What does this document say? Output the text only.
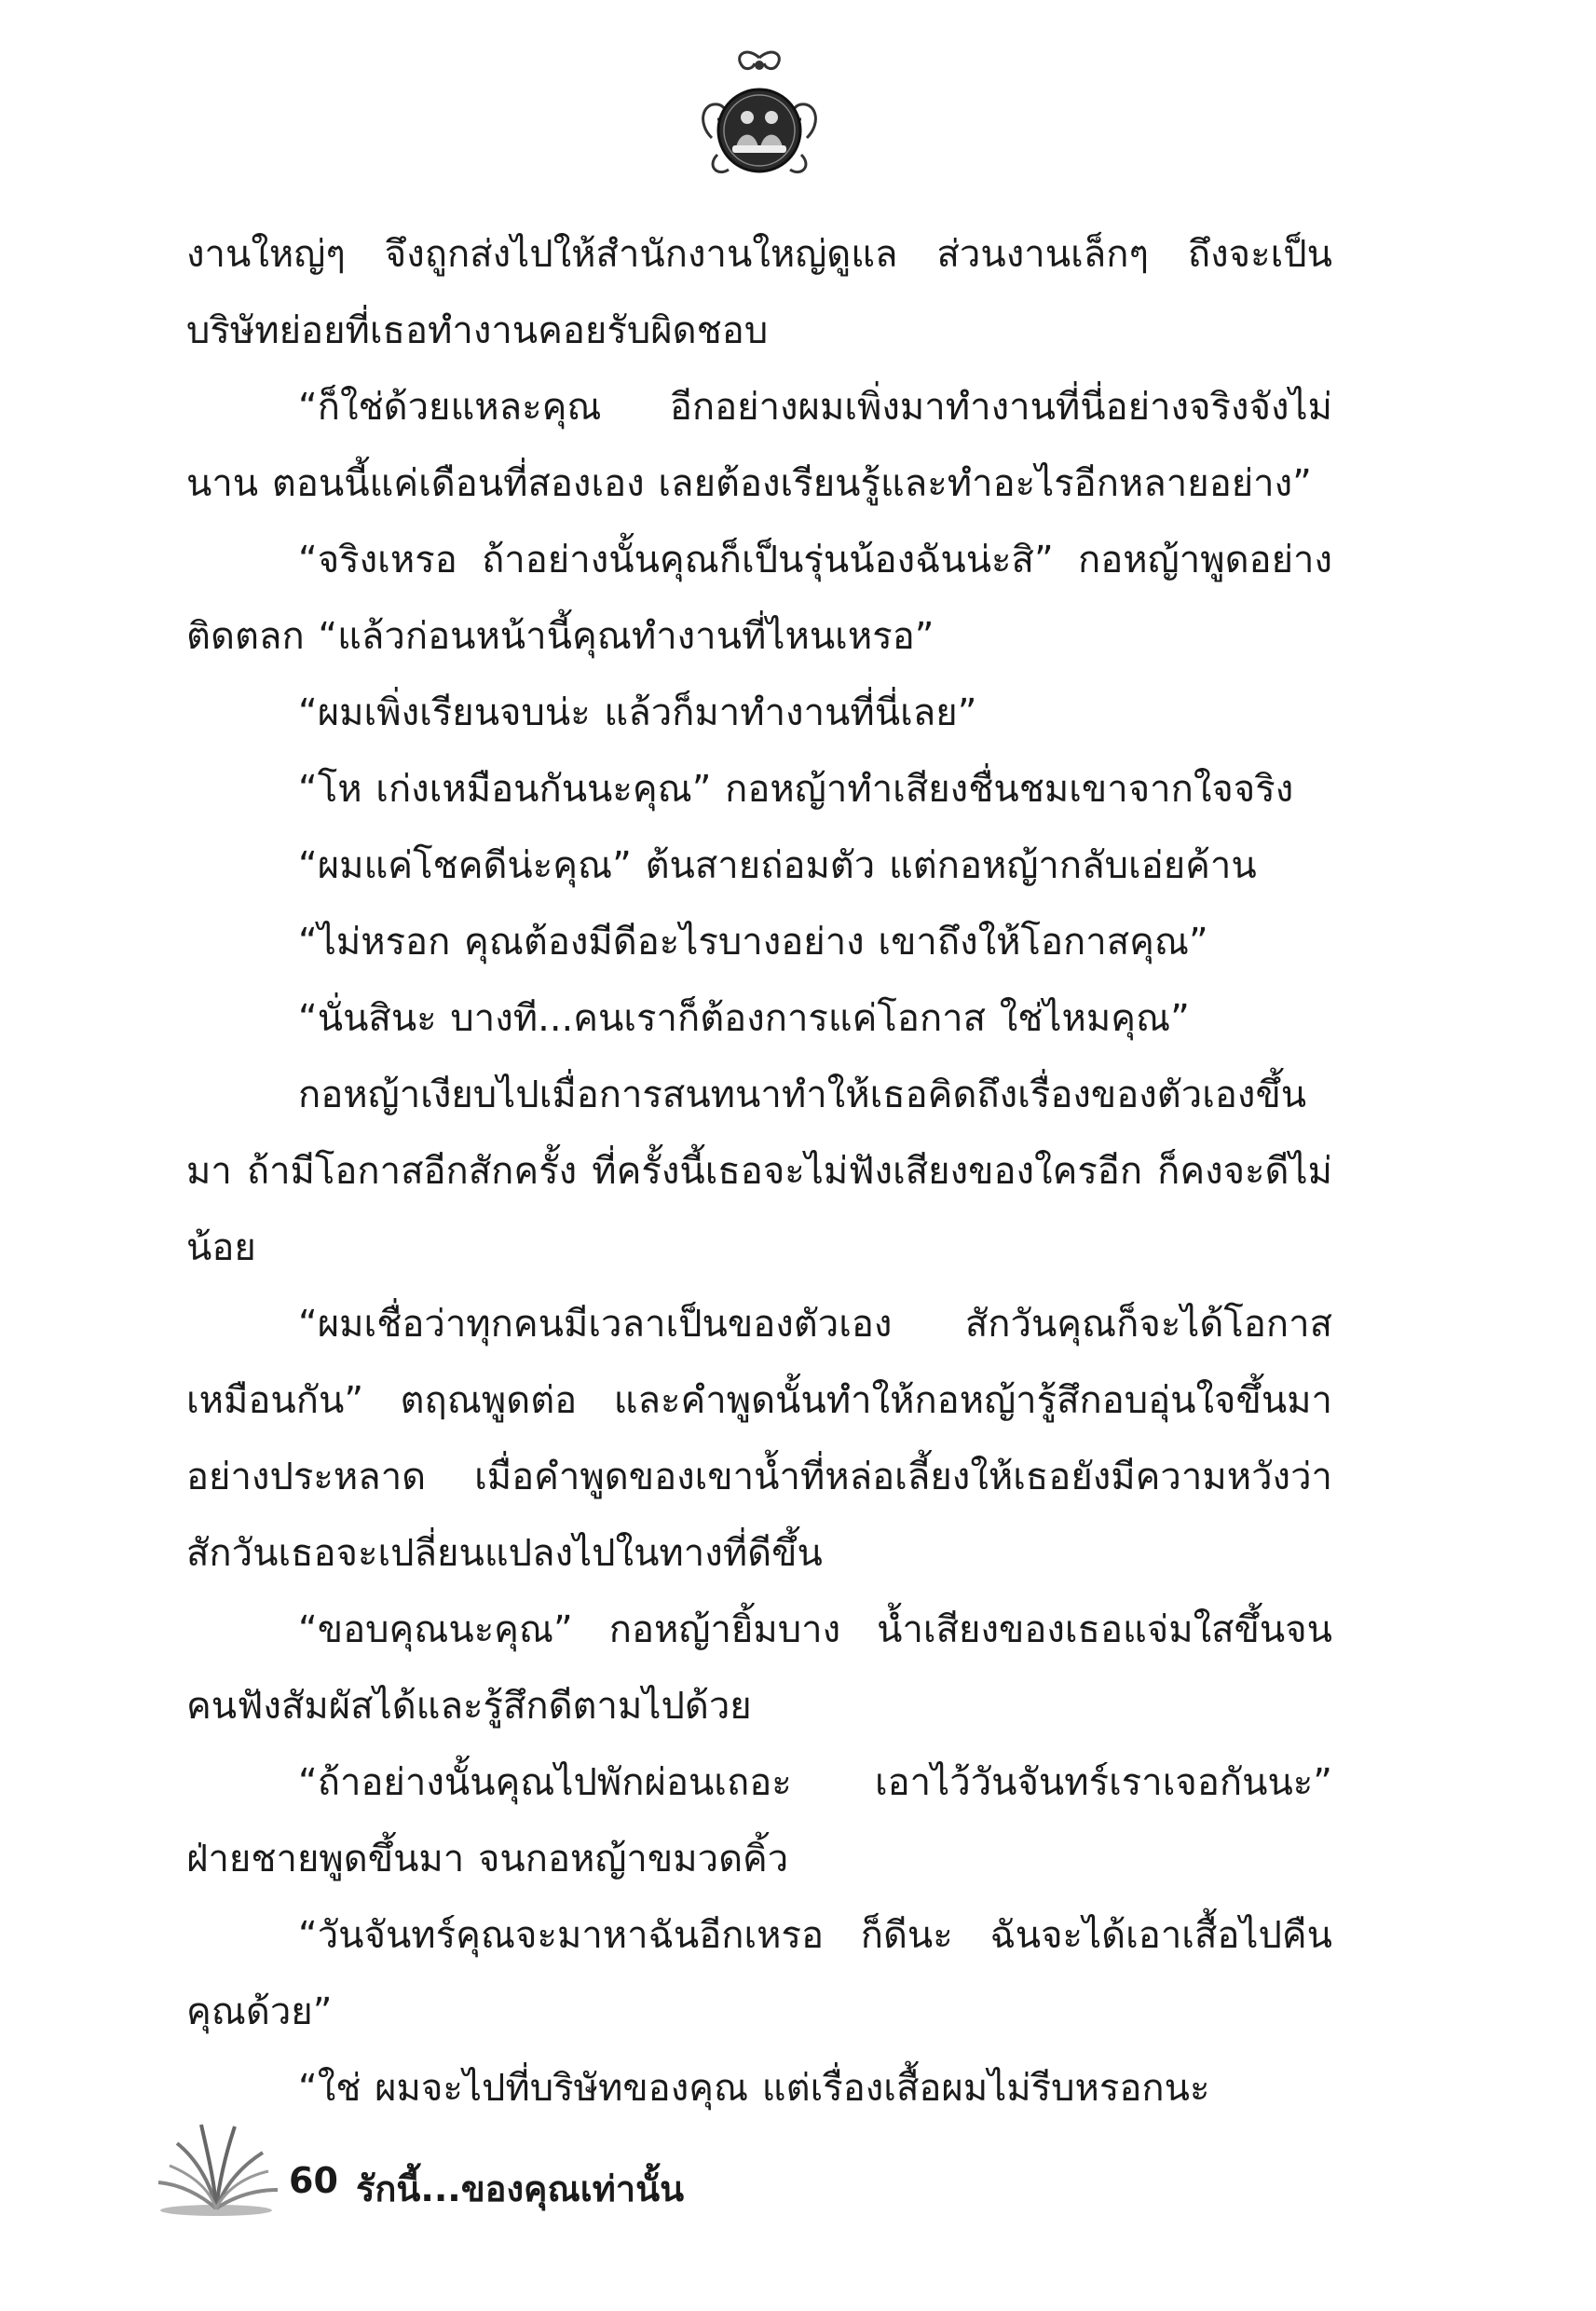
งานใหญ่ๆ จึงถูกส่งไปให้สำนักงานใหญ่ดูแล ส่วนงานเล็กๆ ถึงจะเป็นบริษัทย่อยที่เธอทำงานคอยรับผิดชอบ

“ก็ใช่ด้วยแหละคุณ อีกอย่างผมเพิ่งมาทำงานที่นี่อย่างจริงจังไม่นาน ตอนนี้แค่เดือนที่สองเอง เลยต้องเรียนรู้และทำอะไรอีกหลายอย่าง”

“จริงเหรอ ถ้าอย่างนั้นคุณก็เป็นรุ่นน้องฉันน่ะสิ” กอหญ้าพูดอย่างติดตลก “แล้วก่อนหน้านี้คุณทำงานที่ไหนเหรอ”

“ผมเพิ่งเรียนจบน่ะ แล้วก็มาทำงานที่นี่เลย”

“โห เก่งเหมือนกันนะคุณ” กอหญ้าทำเสียงชื่นชมเขาจากใจจริง

“ผมแค่โชคดีน่ะคุณ” ต้นสายถ่อมตัว แต่กอหญ้ากลับเอ่ยค้าน

“ไม่หรอก คุณต้องมีดีอะไรบางอย่าง เขาถึงให้โอกาสคุณ”

“นั่นสินะ บางที...คนเราก็ต้องการแค่โอกาส ใช่ไหมคุณ”

กอหญ้าเงียบไปเมื่อการสนทนาทำให้เธอคิดถึงเรื่องของตัวเองขึ้นมา ถ้ามีโอกาสอีกสักครั้ง ที่ครั้งนี้เธอจะไม่ฟังเสียงของใครอีก ก็คงจะดีไม่น้อย

“ผมเชื่อว่าทุกคนมีเวลาเป็นของตัวเอง สักวันคุณก็จะได้โอกาสเหมือนกัน” ตฤณพูดต่อ และคำพูดนั้นทำให้กอหญ้ารู้สึกอบอุ่นใจขึ้นมาอย่างประหลาด เมื่อคำพูดของเขาน้ำที่หล่อเลี้ยงให้เธอยังมีความหวังว่าสักวันเธอจะเปลี่ยนแปลงไปในทางที่ดีขึ้น

“ขอบคุณนะคุณ” กอหญ้ายิ้มบาง น้ำเสียงของเธอแจ่มใสขึ้นจนคนฟังสัมผัสได้และรู้สึกดีตามไปด้วย

“ถ้าอย่างนั้นคุณไปพักผ่อนเถอะ เอาไว้วันจันทร์เราเจอกันนะ” ฝ่ายชายพูดขึ้นมา จนกอหญ้าขมวดคิ้ว

“วันจันทร์คุณจะมาหาฉันอีกเหรอ ก็ดีนะ ฉันจะได้เอาเสื้อไปคืนคุณด้วย”

“ใช่ ผมจะไปที่บริษัทของคุณ แต่เรื่องเสื้อผมไม่รีบหรอกนะ

60 รักนี้...ของคุณเท่านั้น
